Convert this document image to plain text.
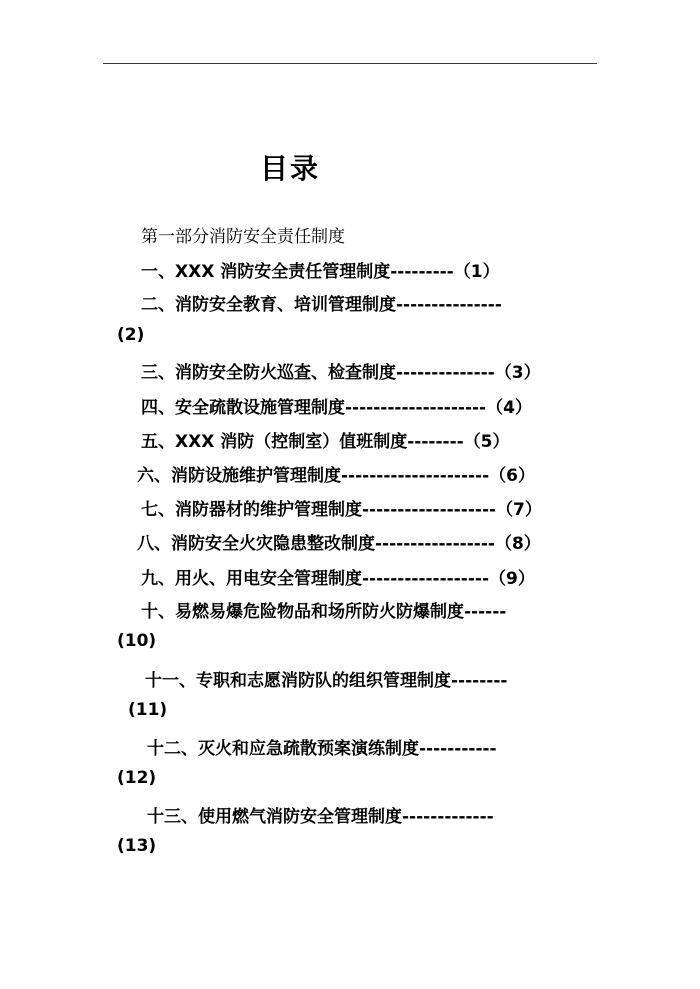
目录
第一部分消防安全责任制度
一、XXX 消防安全责任管理制度---------（1）
二、消防安全教育、培训管理制度---------------
(2)
三、消防安全防火巡查、检查制度--------------（3）
四、安全疏散设施管理制度--------------------（4）
五、XXX 消防（控制室）值班制度--------（5）
六、消防设施维护管理制度---------------------（6）
七、消防器材的维护管理制度-------------------（7）
八、消防安全火灾隐患整改制度-----------------（8）
九、用火、用电安全管理制度------------------（9）
十、易燃易爆危险物品和场所防火防爆制度------
(10)
十一、专职和志愿消防队的组织管理制度--------
(11)
十二、灭火和应急疏散预案演练制度-----------
(12)
十三、使用燃气消防安全管理制度-------------
(13)
